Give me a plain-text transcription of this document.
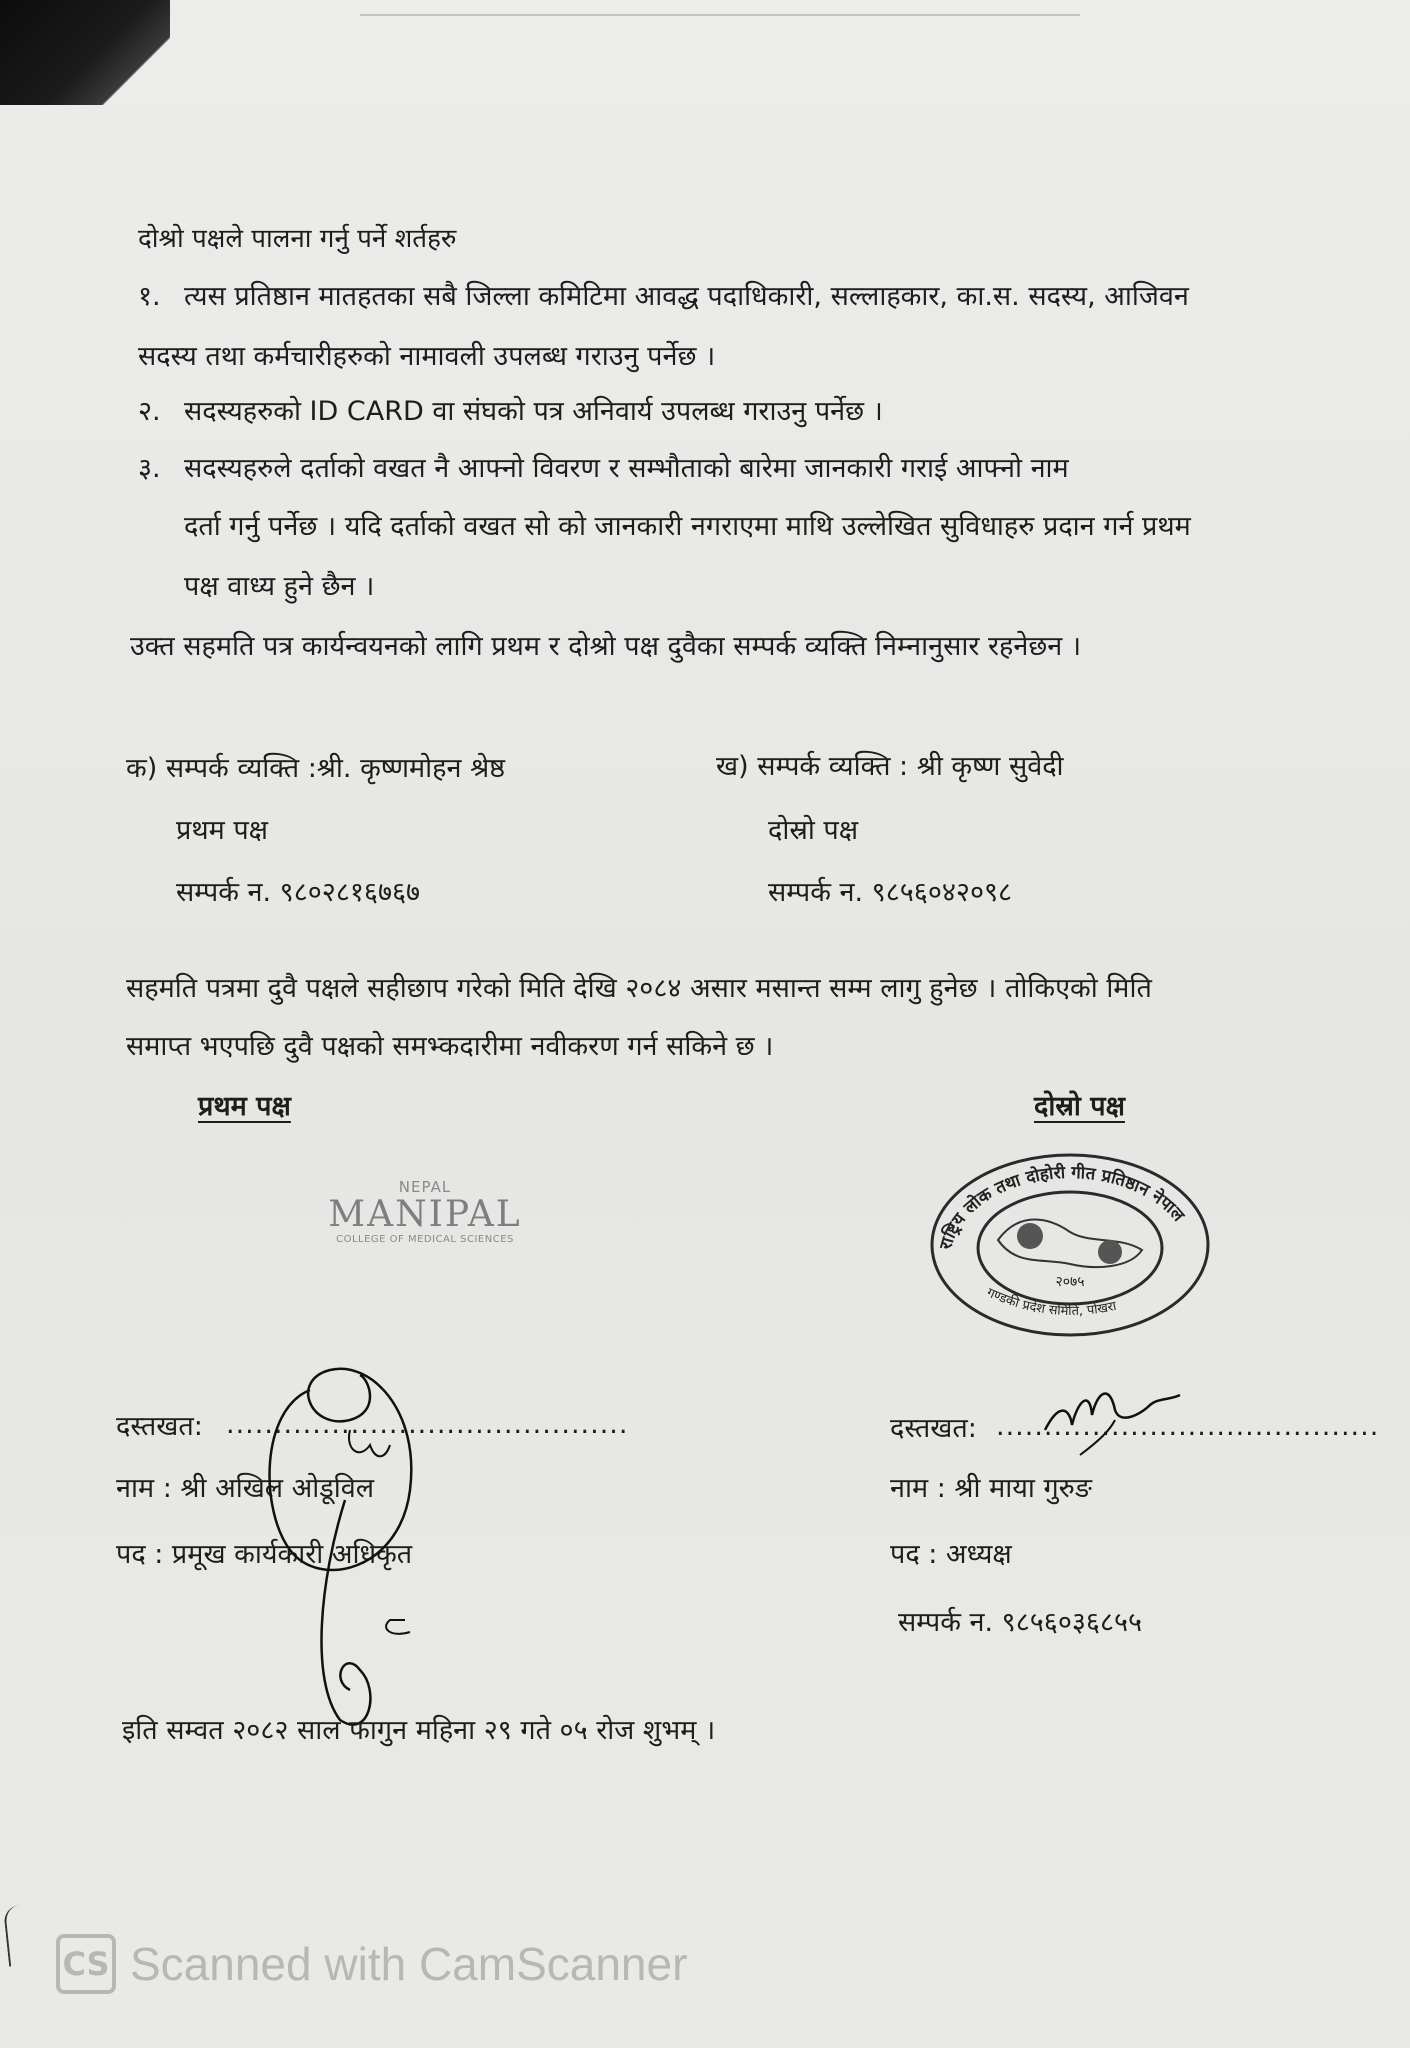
दोश्रो पक्षले पालना गर्नु पर्ने शर्तहरु
१. त्यस प्रतिष्ठान मातहतका सबै जिल्ला कमिटिमा आवद्ध पदाधिकारी, सल्लाहकार, का.स. सदस्य, आजिवन
सदस्य तथा कर्मचारीहरुको नामावली उपलब्ध गराउनु पर्नेछ ।
२. सदस्यहरुको ID CARD वा संघको पत्र अनिवार्य उपलब्ध गराउनु पर्नेछ ।
३. सदस्यहरुले दर्ताको वखत नै आफ्नो विवरण र सम्भौताको बारेमा जानकारी गराई आफ्नो नाम
दर्ता गर्नु पर्नेछ । यदि दर्ताको वखत सो को जानकारी नगराएमा माथि उल्लेखित सुविधाहरु प्रदान गर्न प्रथम
पक्ष वाध्य हुने छैन ।
उक्त सहमति पत्र कार्यन्वयनको लागि प्रथम र दोश्रो पक्ष दुवैका सम्पर्क व्यक्ति निम्नानुसार रहनेछन ।
क) सम्पर्क व्यक्ति :श्री. कृष्णमोहन श्रेष्ठ
प्रथम पक्ष
सम्पर्क न. ९८०२८१६७६७
ख) सम्पर्क व्यक्ति : श्री कृष्ण सुवेदी
दोस्रो पक्ष
सम्पर्क न. ९८५६०४२०९८
सहमति पत्रमा दुवै पक्षले सहीछाप गरेको मिति देखि २०८४ असार मसान्त सम्म लागु हुनेछ । तोकिएको मिति
समाप्त भएपछि दुवै पक्षको समभ्कदारीमा नवीकरण गर्न सकिने छ ।
प्रथम पक्ष	दोस्रो पक्ष
NEPAL
MANIPAL
COLLEGE OF MEDICAL SCIENCES
२०७५
राष्ट्रिय लोक तथा दोहोरी गीत प्रतिष्ठान नेपाल
गण्डकी प्रदेश समिति, पोखरा
दस्तखत: ..........................................
नाम : श्री अखिल ओडूविल
पद : प्रमूख कार्यकारी अधिकृत
दस्तखत: ........................................
नाम : श्री माया गुरुङ
पद : अध्यक्ष
सम्पर्क न. ९८५६०३६८५५
इति सम्वत २०८२ साल फागुन महिना २९ गते ०५ रोज शुभम् ।
CS Scanned with CamScanner
